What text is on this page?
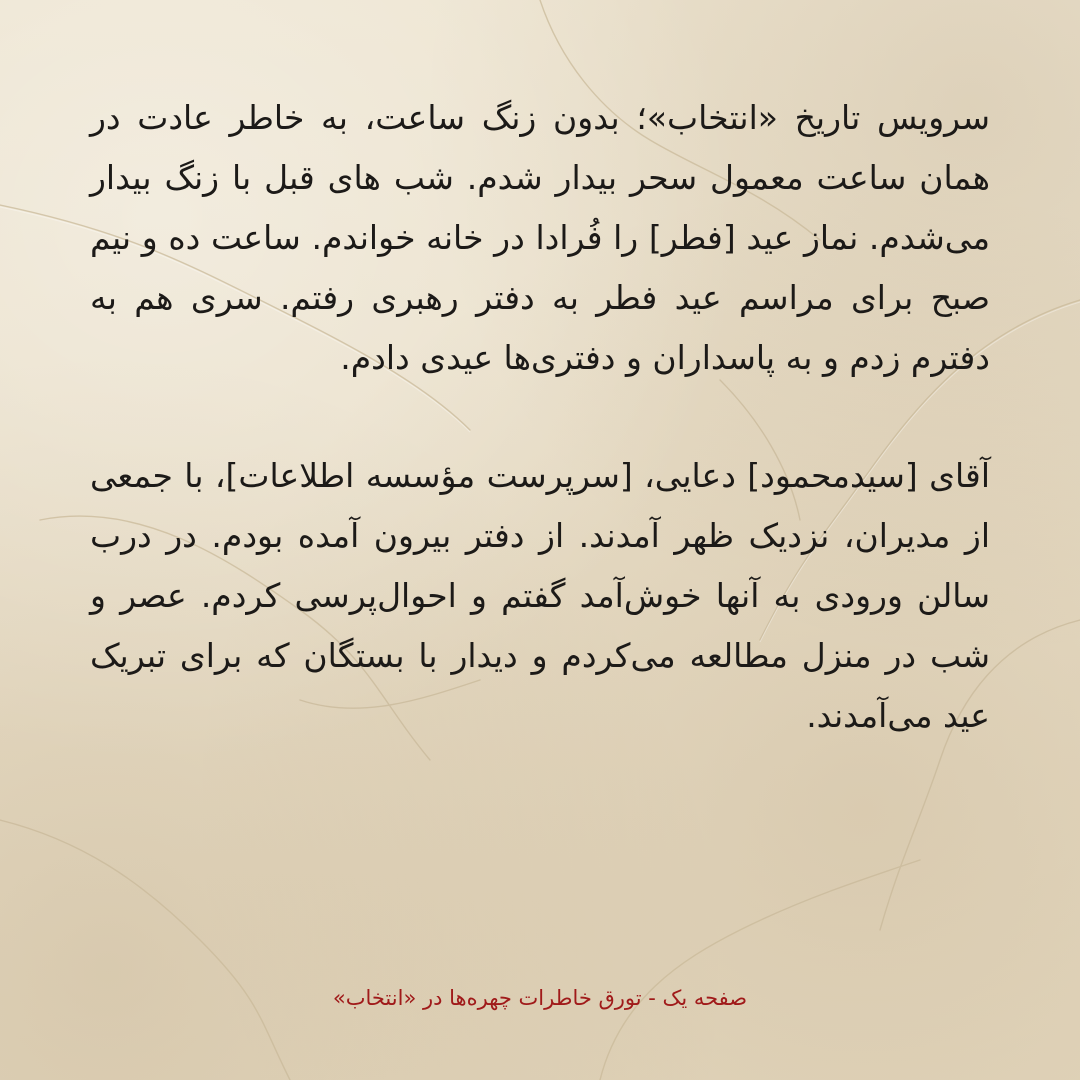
سرویس تاریخ «انتخاب»؛ بدون زنگ ساعت، به خاطر عادت در همان ساعت معمول سحر بیدار شدم. شب های قبل با زنگ بیدار می‌شدم. نماز عید [فطر] را فُرادا در خانه خواندم. ساعت ده و نیم صبح برای مراسم عید فطر به دفتر رهبری رفتم. سری هم به دفترم زدم و به پاسداران و دفتری‌ها عیدی دادم.

آقای [سیدمحمود] دعایی، [سرپرست مؤسسه اطلاعات]، با جمعی از مدیران، نزدیک ظهر آمدند. از دفتر بیرون آمده بودم. در درب سالن ورودی به آنها خوش‌آمد گفتم و احوال‌پرسی کردم. عصر و شب در منزل مطالعه می‌کردم و دیدار با بستگان که برای تبریک عید می‌آمدند.

صفحه یک - تورق خاطرات چهره‌ها در «انتخاب»
